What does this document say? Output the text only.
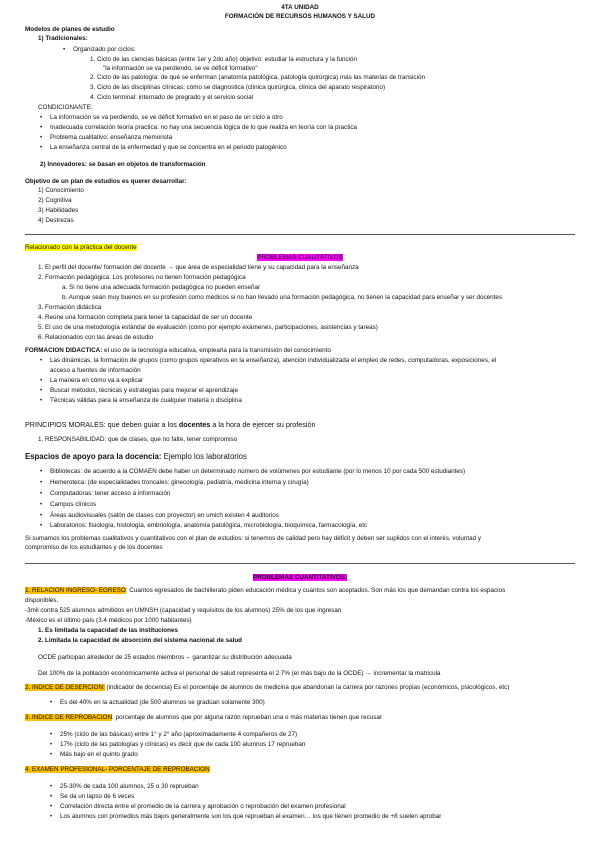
4TA UNIDAD
FORMACIÓN DE RECURSOS HUMANOS Y SALUD
Modelos de planes de estudio
1) Tradicionales:
• Organizado por ciclos:
1. Ciclo de las ciencias básicas (entre 1er y 2do año) objetivo: estudiar la estructura y la función
"la información se va perdiendo, se ve déficit formativo"
2. Ciclo de las patología: de qué se enferman (anatomía patológica, patología quirúrgica) más las materias de transición
3. Ciclo de las disciplinas clínicas: cómo se diagnostica (clínica quirúrgica, clínica del aparato respiratorio)
4. Ciclo terminal: internado de pregrado y el servicio social
CONDICIONANTE:
• La información se va perdiendo, se ve déficit formativo en el paso de un ciclo a otro
• Inadecuada correlación teoría practica: no hay una secuencia lógica de lo que realiza en teoría con la practica
• Problema cualitativo: enseñanza memorista
• La enseñanza central de la enfermedad y que se concentra en el periodo patogénico
2) Innovadores: se basan en objetos de transformación
Objetivo de un plan de estudios es querer desarrollar:
1) Conocimiento
2) Cognitiva
3) Habilidades
4) Destrezas
Relacionado con la práctica del docente
PROBLEMAS CUALITATIVOS
1. El perfil del docente/ formación del docente → que área de especialidad tiene y su capacidad para la enseñanza
2. Formación pedagógica: Los profesores no tienen formación pedagógica
a. Si no tiene una adecuada formación pedagógica no pueden enseñar
b. Aunque sean muy buenos en su profesión como médicos si no han llevado una formación pedagógica, no tienen la capacidad para enseñar y ser docentes
3. Formación didáctica
4. Reúne una formación completa para tener la capacidad de ser un docente
5. El uso de una metodología estándar de evaluación (como por ejemplo exámenes, participaciones, asistencias y tareas)
6. Relacionados con las áreas de estudio
FORMACION DIDACTICA: el uso de la tecnología educativa, emplearla para la transmisión del conocimiento
• Las dinámicas, la formación de grupos (como grupos operativos en la enseñanza), atención individualizada el empleo de redes, computadoras, exposiciones, el
acceso a fuentes de información
• La manera en cómo va a explicar
• Buscar métodos, técnicas y estrategias para mejorar el aprendizaje
• Técnicas válidas para la enseñanza de cualquier materia o disciplina
PRINCIPIOS MORALES: que deben guiar a los docentes a la hora de ejercer su profesión
1. RESPONSABILIDAD: que de clases, que no falte, tener compromiso
Espacios de apoyo para la docencia: Ejemplo los laboratorios
• Bibliotecas: de acuerdo a la COMAEN debe haber un determinado número de volúmenes por estudiante (por lo menos 10 por cada 500 estudiantes)
• Hemeroteca: (de especialidades troncales: ginecología, pediatría, medicina interna y cirugía)
• Computadoras: tener acceso a información
• Campos clínicos
• Áreas audiovisuales (salón de clases con proyector) en umich existen 4 auditorios
• Laboratorios: fisiología, histología, embriología, anatomía patológica, microbiología, bioquímica, farmacología, etc
Si sumamos los problemas cualitativos y cuantitativos con el plan de estudios: si tenemos de calidad pero hay déficit y deben ser suplidos con el interés, voluntad y
compromiso de los estudiantes y de los docentes
PROBLEMAS CUANTITATIVOS:
1. RELACION INGRESO- EGRESO: Cuantos egresados de bachillerato piden educación médica y cuantos son aceptados. Son más los que demandan contra los espacios
disponibles.
-3mil contra 525 alumnos admitidos en UMNSH (capacidad y requisitos de los alumnos) 25% de los que ingresan
-México es el último país (3.4 médicos por 1000 habitantes)
1. Es limitada la capacidad de las instituciones
2. Limitada la capacidad de absorción del sistema nacional de salud
OCDE participan alrededor de 25 estados miembros→ garantizar su distribución adecuada
Del 100% de la población económicamente activa el personal de salud representa el 2.7% (el más bajo de la OCDE) → incrementar la matricula
2. INDICE DE DESERCION: (indicador de docencia) Es el porcentaje de alumnos de medicina que abandonan la carrera por razones propias (económicos, psicológicos, etc)
• Es del 40% en la actualidad (de 500 alumnos se gradúan solamente 300)
3. INDICE DE REPROBACION: porcentaje de alumnos que por alguna razón reprueban una o más materias tienen que recusar
• 25% (ciclo de las básicas) entre 1° y 2° año (aproximadamente 4 compañeros de 27)
• 17% (ciclo de las patologías y clínicas) es decir que de cada 100 alumnos 17 reprueban
• Más bajo en el quinto grado
4. EXAMEN PROFESIONAL- PORCENTAJE DE REPROBACION
• 25-30% de cada 100 alumnos, 25 o 30 reprueban
• Se da un lapso de 6 veces
• Correlación directa entre el promedio de la carrera y aprobación o reprobación del examen profesional
• Los alumnos con promedios más bajos generalmente son los que reprueban el examen… los que tienen promedio de +8 suelen aprobar
